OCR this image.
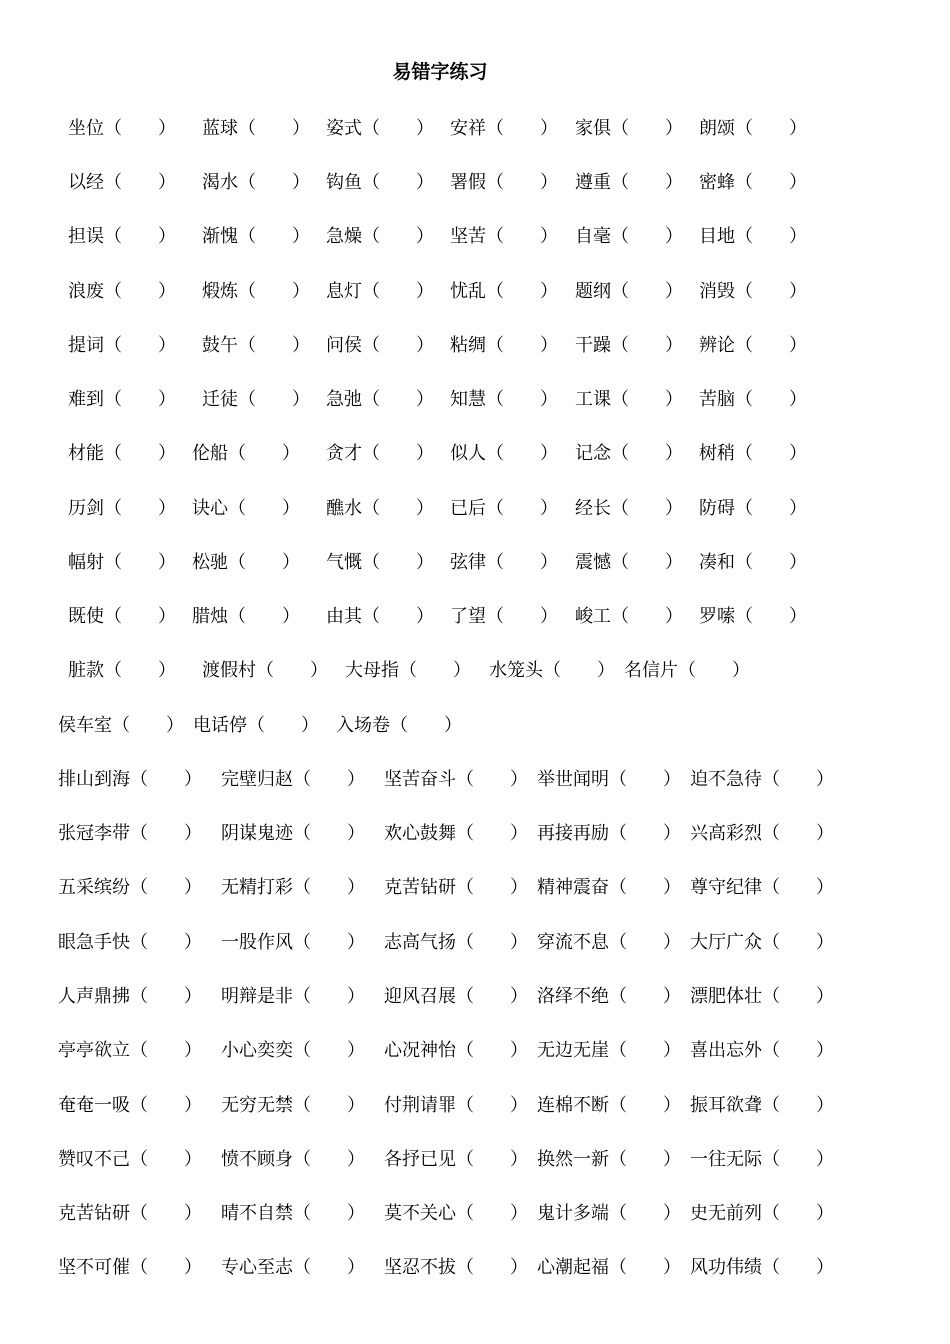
易错字练习
坐位（ ） 蓝球（ ） 姿式（ ） 安祥（ ） 家俱（ ） 朗颂（ ）
以经（ ） 渴水（ ） 钩鱼（ ） 署假（ ） 遵重（ ） 密蜂（ ）
担误（ ） 渐愧（ ） 急燥（ ） 坚苦（ ） 自毫（ ） 目地（ ）
浪废（ ） 煅炼（ ） 息灯（ ） 忧乱（ ） 题纲（ ） 消毁（ ）
提词（ ） 鼓午（ ） 问侯（ ） 粘绸（ ） 干躁（ ） 辨论（ ）
难到（ ） 迁徒（ ） 急弛（ ） 知慧（ ） 工课（ ） 苦脑（ ）
材能（ ） 伦船（ ） 贪才（ ） 似人（ ） 记念（ ） 树稍（ ）
历剑（ ） 诀心（ ） 醮水（ ） 已后（ ） 经长（ ） 防碍（ ）
幅射（ ） 松驰（ ） 气慨（ ） 弦律（ ） 震憾（ ） 凑和（ ）
既使（ ） 腊烛（ ） 由其（ ） 了望（ ） 峻工（ ） 罗嗦（ ）
脏款（ ） 渡假村（ ） 大母指（ ） 水笼头（ ） 名信片（ ）
侯车室（ ） 电话停（ ） 入场卷（ ）
排山到海（ ） 完壁归赵（ ） 坚苦奋斗（ ） 举世闻明（ ） 迫不急待（ ）
张冠李带（ ） 阴谋鬼迹（ ） 欢心鼓舞（ ） 再接再励（ ） 兴高彩烈（ ）
五采缤纷（ ） 无精打彩（ ） 克苦钻研（ ） 精神震奋（ ） 尊守纪律（ ）
眼急手快（ ） 一股作风（ ） 志高气扬（ ） 穿流不息（ ） 大厅广众（ ）
人声鼎拂（ ） 明辩是非（ ） 迎风召展（ ） 洛绎不绝（ ） 漂肥体壮（ ）
亭亭欲立（ ） 小心奕奕（ ） 心况神怡（ ） 无边无崖（ ） 喜出忘外（ ）
奄奄一吸（ ） 无穷无禁（ ） 付荆请罪（ ） 连棉不断（ ） 振耳欲聋（ ）
赞叹不己（ ） 愤不顾身（ ） 各抒已见（ ） 换然一新（ ） 一往无际（ ）
克苦钻研（ ） 晴不自禁（ ） 莫不关心（ ） 鬼计多端（ ） 史无前列（ ）
坚不可催（ ） 专心至志（ ） 坚忍不拔（ ） 心潮起福（ ） 风功伟绩（ ）
